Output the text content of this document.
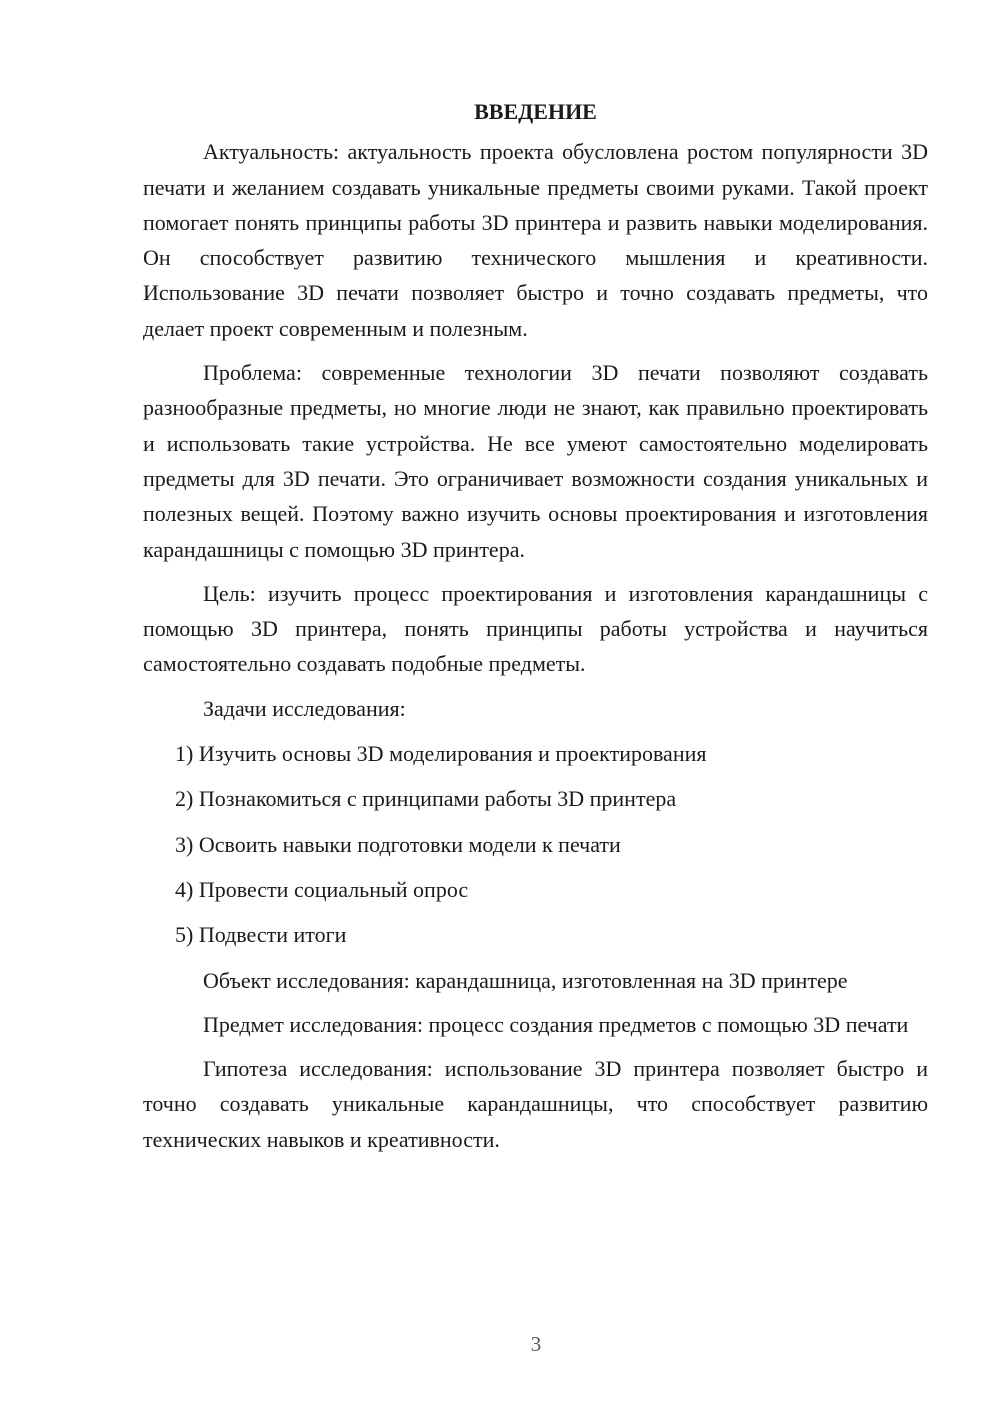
ВВЕДЕНИЕ

Актуальность: актуальность проекта обусловлена ростом популярности 3D печати и желанием создавать уникальные предметы своими руками. Такой проект помогает понять принципы работы 3D принтера и развить навыки моделирования. Он способствует развитию технического мышления и креативности. Использование 3D печати позволяет быстро и точно создавать предметы, что делает проект современным и полезным.

Проблема: современные технологии 3D печати позволяют создавать разнообразные предметы, но многие люди не знают, как правильно проектировать и использовать такие устройства. Не все умеют самостоятельно моделировать предметы для 3D печати. Это ограничивает возможности создания уникальных и полезных вещей. Поэтому важно изучить основы проектирования и изготовления карандашницы с помощью 3D принтера.

Цель: изучить процесс проектирования и изготовления карандашницы с помощью 3D принтера, понять принципы работы устройства и научиться самостоятельно создавать подобные предметы.

Задачи исследования:

1) Изучить основы 3D моделирования и проектирования

2) Познакомиться с принципами работы 3D принтера

3) Освоить навыки подготовки модели к печати

4) Провести социальный опрос

5) Подвести итоги

Объект исследования: карандашница, изготовленная на 3D принтере

Предмет исследования: процесс создания предметов с помощью 3D печати

Гипотеза исследования: использование 3D принтера позволяет быстро и точно создавать уникальные карандашницы, что способствует развитию технических навыков и креативности.

3
